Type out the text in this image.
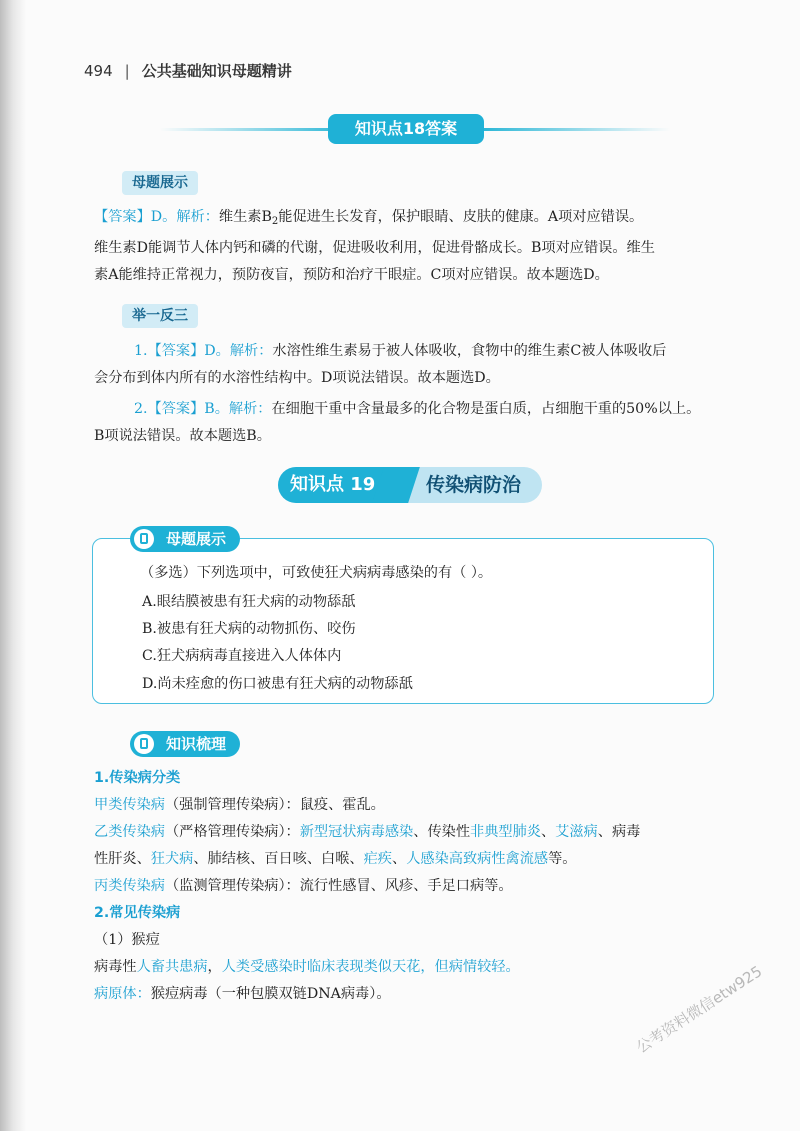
494 | 公共基础知识母题精讲
知识点18答案
母题展示
【答案】D。解析：维生素$B_2$能促进生长发育，保护眼睛、皮肤的健康。A项对应错误。
维生素D能调节人体内钙和磷的代谢，促进吸收利用，促进骨骼成长。B项对应错误。维生
素A能维持正常视力，预防夜盲，预防和治疗干眼症。C项对应错误。故本题选D。
举一反三
1.【答案】D。解析：水溶性维生素易于被人体吸收，食物中的维生素C被人体吸收后
会分布到体内所有的水溶性结构中。D项说法错误。故本题选D。
2.【答案】B。解析：在细胞干重中含量最多的化合物是蛋白质，占细胞干重的50%以上。
B项说法错误。故本题选B。
知识点 19	传染病防治
母题展示
（多选）下列选项中，可致使狂犬病病毒感染的有（ ）。
A.眼结膜被患有狂犬病的动物舔舐
B.被患有狂犬病的动物抓伤、咬伤
C.狂犬病病毒直接进入人体体内
D.尚未痊愈的伤口被患有狂犬病的动物舔舐
知识梳理
1.传染病分类
甲类传染病（强制管理传染病）：鼠疫、霍乱。
乙类传染病（严格管理传染病）：新型冠状病毒感染、传染性非典型肺炎、艾滋病、病毒
性肝炎、狂犬病、肺结核、百日咳、白喉、疟疾、人感染高致病性禽流感等。
丙类传染病（监测管理传染病）：流行性感冒、风疹、手足口病等。
2.常见传染病
（1）猴痘
病毒性人畜共患病，人类受感染时临床表现类似天花，但病情较轻。
病原体：猴痘病毒（一种包膜双链DNA病毒）。	公考资料微信etw925
